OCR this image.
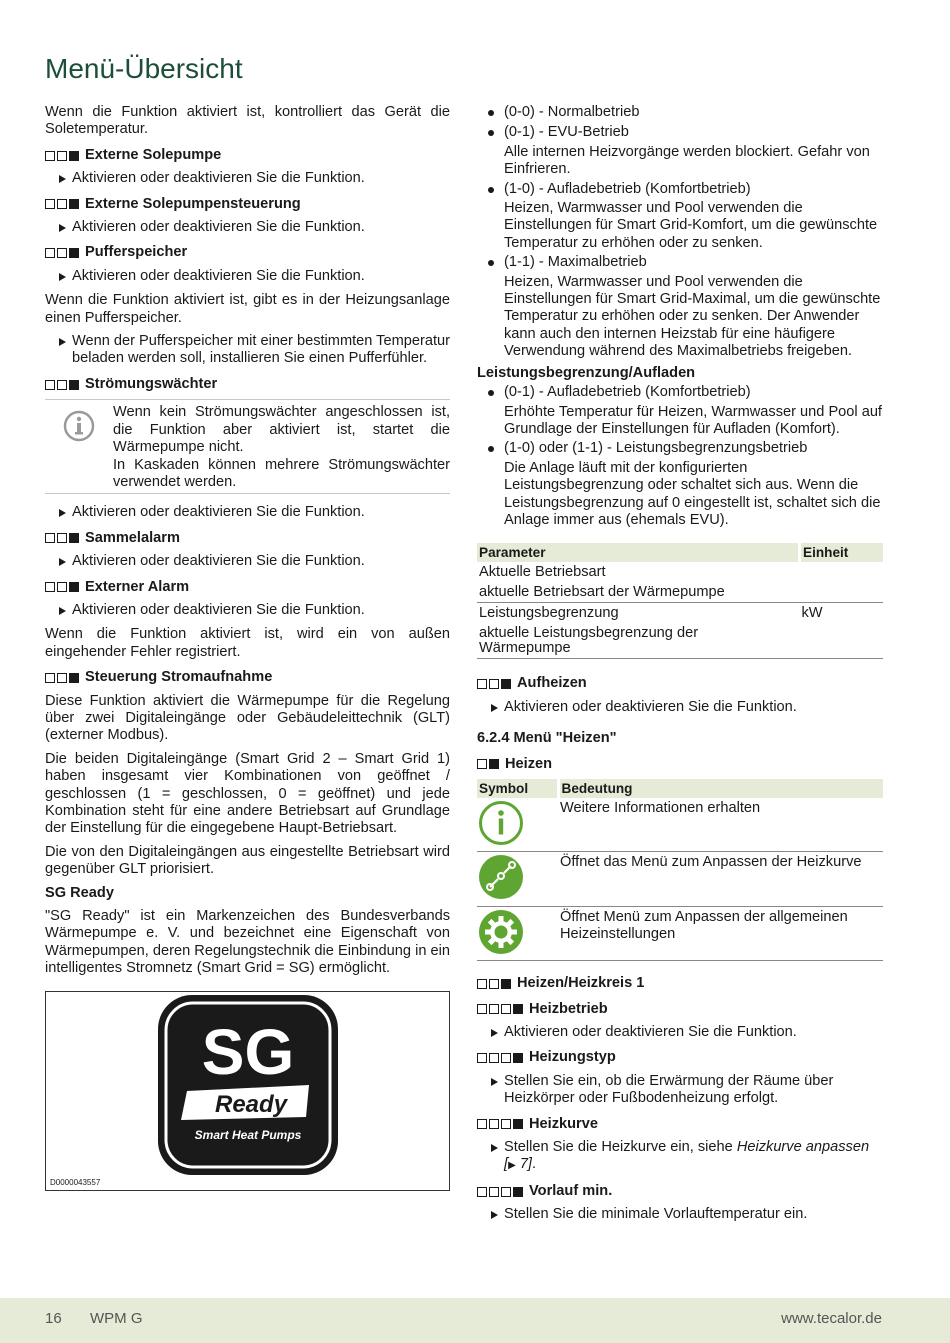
Menü-Übersicht

Wenn die Funktion aktiviert ist, kontrolliert das Gerät die Soletemperatur.

Externe Solepumpe

Aktivieren oder deaktivieren Sie die Funktion.

Externe Solepumpensteuerung

Aktivieren oder deaktivieren Sie die Funktion.

Pufferspeicher

Aktivieren oder deaktivieren Sie die Funktion.

Wenn die Funktion aktiviert ist, gibt es in der Heizungsanlage einen Pufferspeicher.

Wenn der Pufferspeicher mit einer bestimmten Temperatur beladen werden soll, installieren Sie einen Pufferfühler.

Strömungswächter
Wenn kein Strömungswächter angeschlossen ist, die Funktion aber aktiviert ist, startet die Wärmepumpe nicht.
In Kaskaden können mehrere Strömungswächter verwendet werden.

Aktivieren oder deaktivieren Sie die Funktion.

Sammelalarm

Aktivieren oder deaktivieren Sie die Funktion.

Externer Alarm

Aktivieren oder deaktivieren Sie die Funktion.

Wenn die Funktion aktiviert ist, wird ein von außen eingehender Fehler registriert.

Steuerung Stromaufnahme

Diese Funktion aktiviert die Wärmepumpe für die Regelung über zwei Digitaleingänge oder Gebäudeleittechnik (GLT) (externer Modbus).

Die beiden Digitaleingänge (Smart Grid 2 – Smart Grid 1) haben insgesamt vier Kombinationen von geöffnet / geschlossen (1 = geschlossen, 0 = geöffnet) und jede Kombination steht für eine andere Betriebsart auf Grundlage der Einstellung für die eingegebene Haupt-Betriebsart.

Die von den Digitaleingängen aus eingestellte Betriebsart wird gegenüber GLT priorisiert.

SG Ready

"SG Ready" ist ein Markenzeichen des Bundesverbands Wärmepumpe e. V. und bezeichnet eine Eigenschaft von Wärmepumpen, deren Regelungstechnik die Einbindung in ein intelligentes Stromnetz (Smart Grid = SG) ermöglicht.

SG
Ready
Smart Heat Pumps
D0000043557

(0-0) - Normalbetrieb

(0-1) - EVU-Betrieb

Alle internen Heizvorgänge werden blockiert. Gefahr von Einfrieren.

(1-0) - Aufladebetrieb (Komfortbetrieb)

Heizen, Warmwasser und Pool verwenden die Einstellungen für Smart Grid-Komfort, um die gewünschte Temperatur zu erhöhen oder zu senken.

(1-1) - Maximalbetrieb

Heizen, Warmwasser und Pool verwenden die Einstellungen für Smart Grid-Maximal, um die gewünschte Temperatur zu erhöhen oder zu senken. Der Anwender kann auch den internen Heizstab für eine häufigere Verwendung während des Maximalbetriebs freigeben.

Leistungsbegrenzung/Aufladen

(0-1) - Aufladebetrieb (Komfortbetrieb)

Erhöhte Temperatur für Heizen, Warmwasser und Pool auf Grundlage der Einstellungen für Aufladen (Komfort).

(1-0) oder (1-1) - Leistungsbegrenzungsbetrieb

Die Anlage läuft mit der konfigurierten Leistungsbegrenzung oder schaltet sich aus. Wenn die Leistungsbegrenzung auf 0 eingestellt ist, schaltet sich die Anlage immer aus (ehemals EVU).

Parameter	Einheit
Aktuelle Betriebsart	
aktuelle Betriebsart der Wärmepumpe	
Leistungsbegrenzung	kW
aktuelle Leistungsbegrenzung der Wärmepumpe	
Aufheizen

Aktivieren oder deaktivieren Sie die Funktion.

6.2.4 Menü "Heizen"

Heizen
Symbol	Bedeutung
	Weitere Informationen erhalten
	Öffnet das Menü zum Anpassen der Heizkurve
	Öffnet Menü zum Anpassen der allgemeinen Heizeinstellungen
Heizen/Heizkreis 1
Heizbetrieb

Aktivieren oder deaktivieren Sie die Funktion.

Heizungstyp

Stellen Sie ein, ob die Erwärmung der Räume über Heizkörper oder Fußbodenheizung erfolgt.

Heizkurve

Stellen Sie die Heizkurve ein, siehe Heizkurve anpassen [▶ 7].

Vorlauf min.

Stellen Sie die minimale Vorlauftemperatur ein.

16 WPM G	www.tecalor.de
